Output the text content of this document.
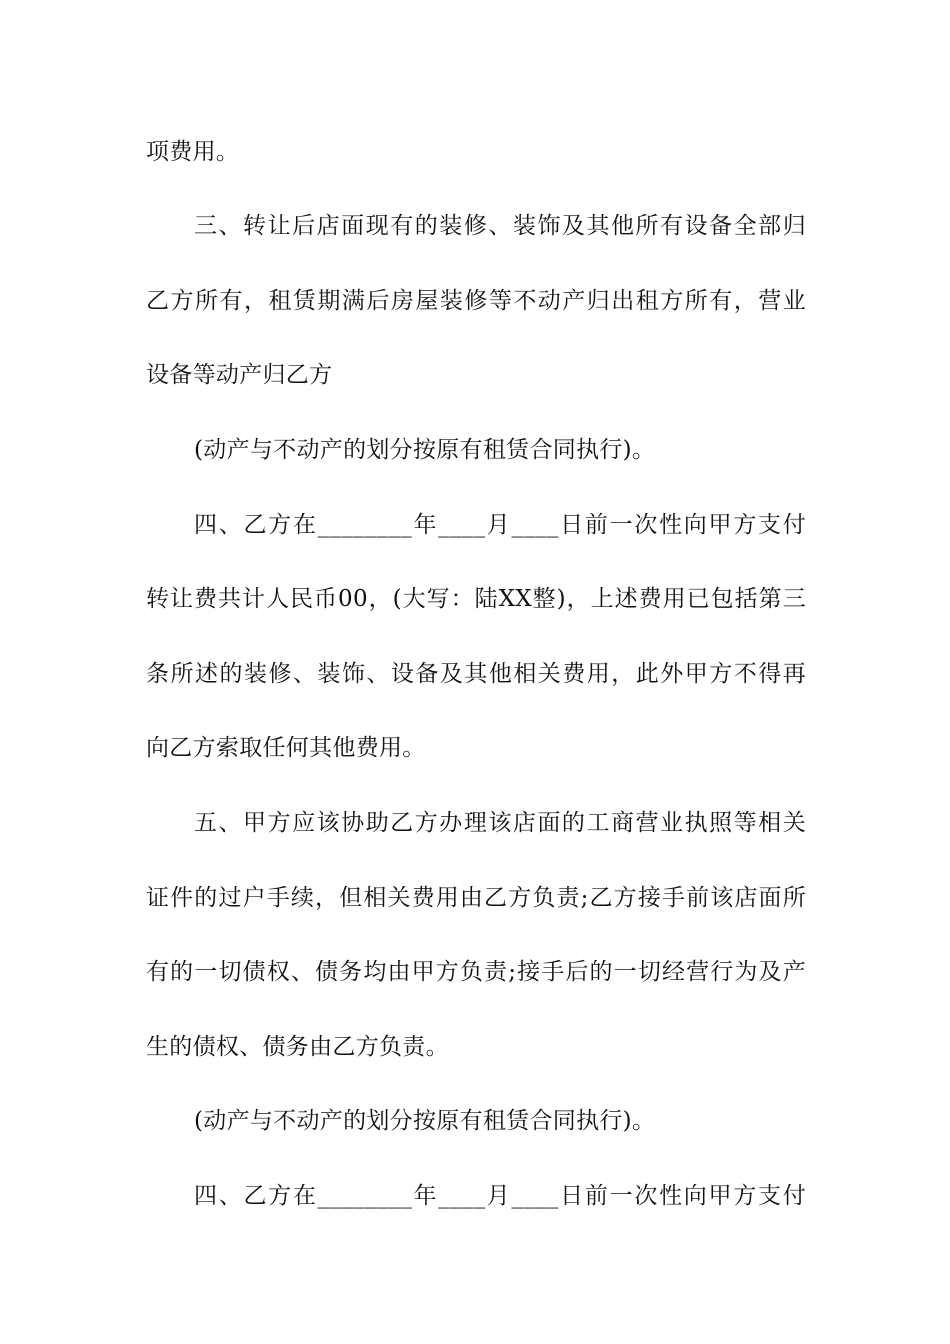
项费用。
三、转让后店面现有的装修、装饰及其他所有设备全部归
乙方所有，租赁期满后房屋装修等不动产归出租方所有，营业
设备等动产归乙方
(动产与不动产的划分按原有租赁合同执行)。
四、乙方在________年____月____日前一次性向甲方支付
转让费共计人民币00，(大写：陆XX整)，上述费用已包括第三
条所述的装修、装饰、设备及其他相关费用，此外甲方不得再
向乙方索取任何其他费用。
五、甲方应该协助乙方办理该店面的工商营业执照等相关
证件的过户手续，但相关费用由乙方负责;乙方接手前该店面所
有的一切债权、债务均由甲方负责;接手后的一切经营行为及产
生的债权、债务由乙方负责。
(动产与不动产的划分按原有租赁合同执行)。
四、乙方在________年____月____日前一次性向甲方支付
